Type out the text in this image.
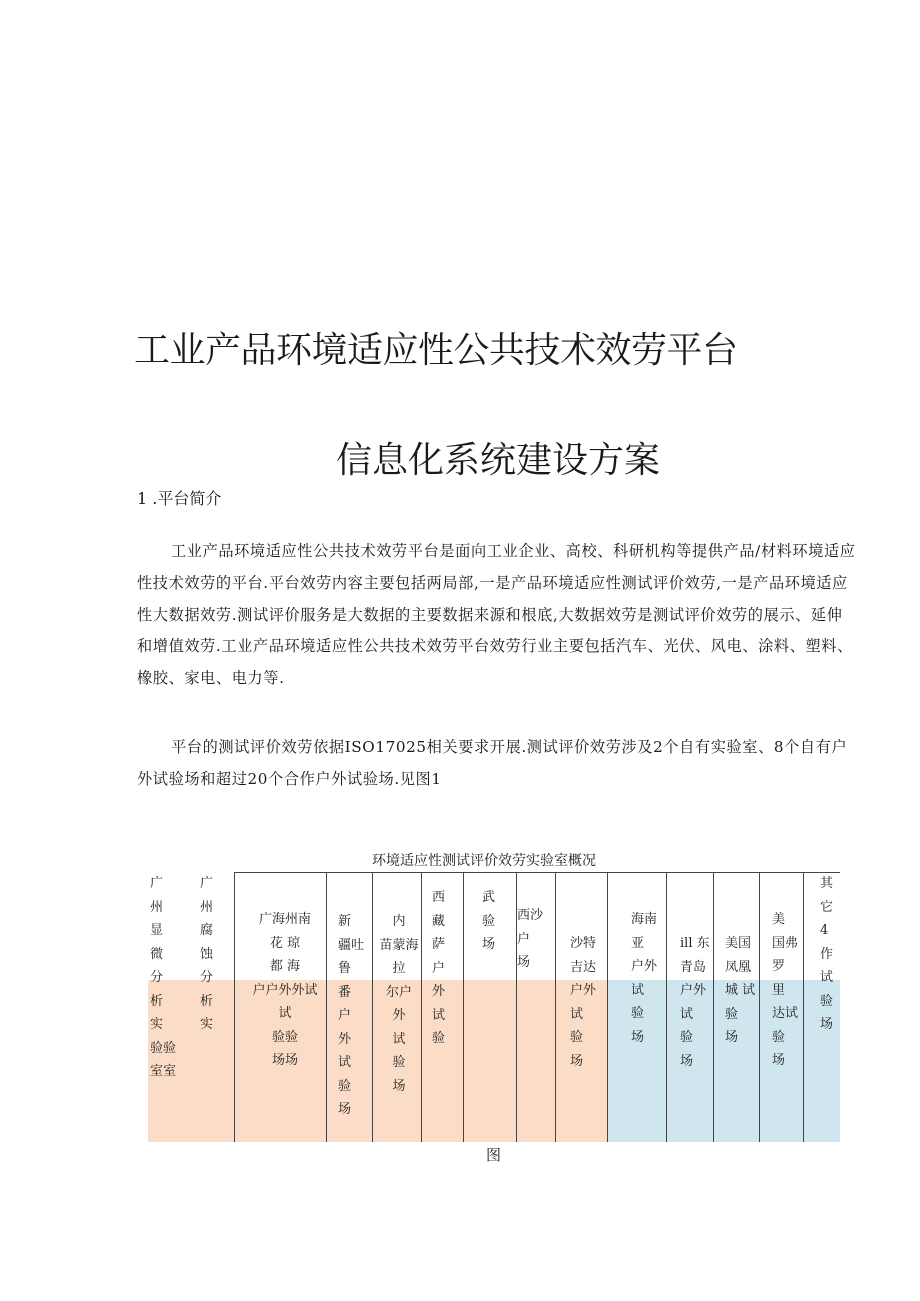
工业产品环境适应性公共技术效劳平台
信息化系统建设方案
1 .平台简介

工业产品环境适应性公共技术效劳平台是面向工业企业、高校、科研机构等提供产品/材料环境适应性技术效劳的平台.平台效劳内容主要包括两局部,一是产品环境适应性测试评价效劳,一是产品环境适应性大数据效劳.测试评价服务是大数据的主要数据来源和根底,大数据效劳是测试评价效劳的展示、延伸和增值效劳.工业产品环境适应性公共技术效劳平台效劳行业主要包括汽车、光伏、风电、涂料、塑料、橡胶、家电、电力等.

平台的测试评价效劳依据ISO17025相关要求开展.测试评价效劳涉及2个自有实验室、8个自有户外试验场和超过20个合作户外试验场.见图1

环境适应性测试评价效劳实验室概况
广
州
显
微
分
析
实
验验
室室
广
州
腐
蚀
分
析
实
广海州南
花 琼
都 海
户户外外试
试
验验
场场
新
疆吐
鲁
番
户
外
试
验
场
内
苗蒙海
拉
尔户
外
试
验
场
西
藏
萨
户
外
试
验
武
验
场
西沙
户
场
沙特
吉达
户外
试
验
场
海南
亚
户外
试
验
场
ill 东
青岛
户外
试
验
场
美国
凤凰
城 试
验
场
美
国弗
罗
里
达试
验
场
其
它
4
作
试
验
场
图
